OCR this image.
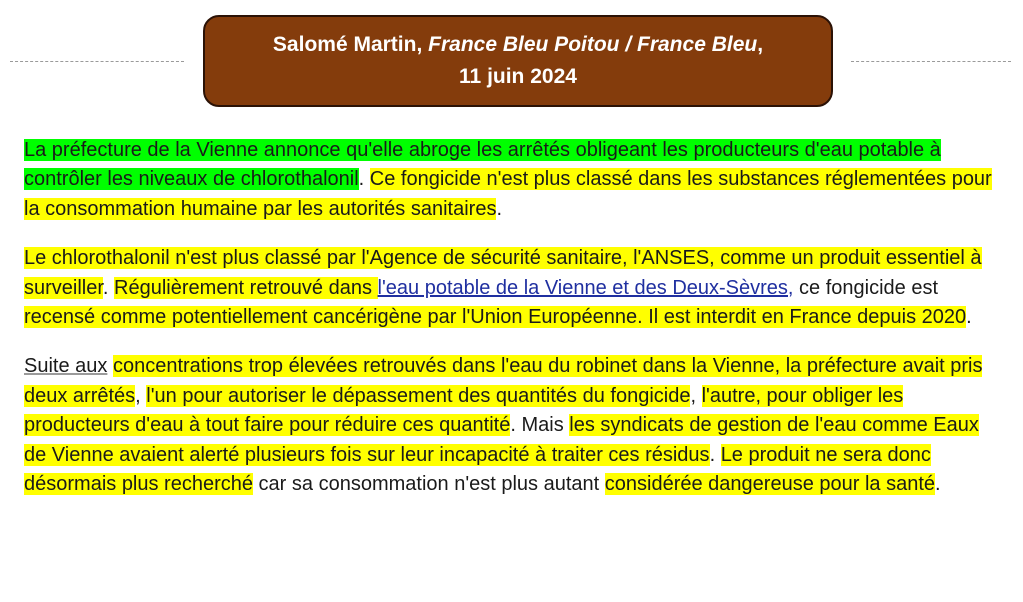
Salomé Martin, France Bleu Poitou / France Bleu,
11 juin 2024

La préfecture de la Vienne annonce qu'elle abroge les arrêtés obligeant les producteurs d'eau potable à contrôler les niveaux de chlorothalonil. Ce fongicide n'est plus classé dans les substances réglementées pour la consommation humaine par les autorités sanitaires.

Le chlorothalonil n'est plus classé par l'Agence de sécurité sanitaire, l'ANSES, comme un produit essentiel à surveiller. Régulièrement retrouvé dans l'eau potable de la Vienne et des Deux-Sèvres, ce fongicide est recensé comme potentiellement cancérigène par l'Union Européenne. Il est interdit en France depuis 2020.

Suite aux concentrations trop élevées retrouvés dans l'eau du robinet dans la Vienne, la préfecture avait pris deux arrêtés, l'un pour autoriser le dépassement des quantités du fongicide, l'autre, pour obliger les producteurs d'eau à tout faire pour réduire ces quantité. Mais les syndicats de gestion de l'eau comme Eaux de Vienne avaient alerté plusieurs fois sur leur incapacité à traiter ces résidus. Le produit ne sera donc désormais plus recherché car sa consommation n'est plus autant considérée dangereuse pour la santé.
